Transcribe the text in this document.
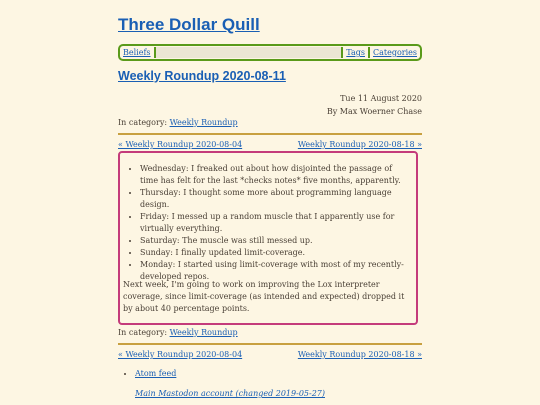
Three Dollar Quill
Beliefs	Tags	Categories
Weekly Roundup 2020-08-11
Tue 11 August 2020
By Max Woerner Chase
In category: Weekly Roundup
« Weekly Roundup 2020-08-04	Weekly Roundup 2020-08-18 »
• Wednesday: I freaked out about how disjointed the passage of time has felt for the last *checks notes* five months, apparently.
• Thursday: I thought some more about programming language design.
• Friday: I messed up a random muscle that I apparently use for virtually everything.
• Saturday: The muscle was still messed up.
• Sunday: I finally updated limit-coverage.
• Monday: I started using limit-coverage with most of my recently-developed repos.

Next week, I'm going to work on improving the Lox interpreter coverage, since limit-coverage (as intended and expected) dropped it by about 40 percentage points.

In category: Weekly Roundup
« Weekly Roundup 2020-08-04	Weekly Roundup 2020-08-18 »
• Atom feed
Main Mastodon account (changed 2019-05-27)
